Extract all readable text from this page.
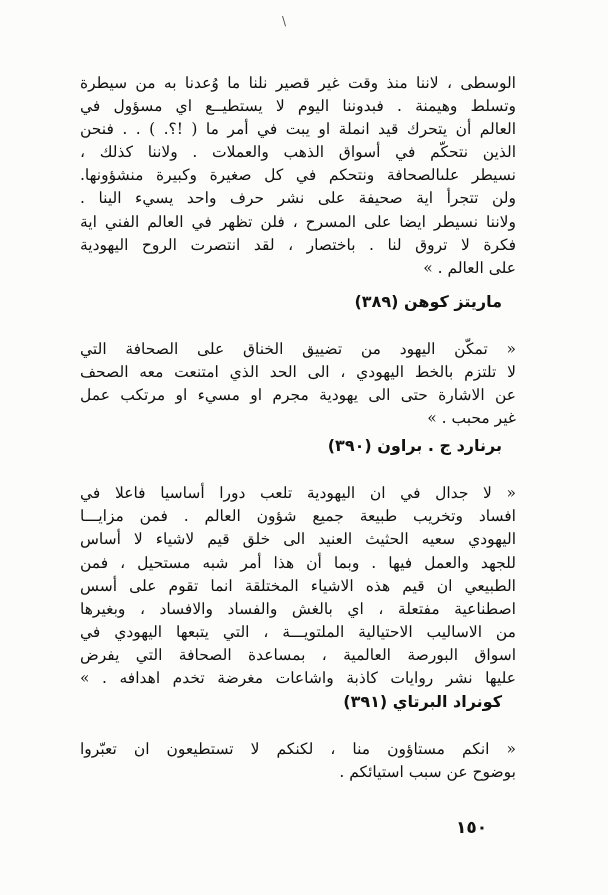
\
الوسطى ، لاننا منذ وقت غير قصير نلنا ما وُعدنا به من سيطرة
وتسلط وهيمنة . فبدوننا اليوم لا يستطيــع اي مسؤول في
العالم أن يتحرك قيد انملة او يبت في أمر ما ( !؟. ) . . فنحن
الذين نتحكّم في أسواق الذهب والعملات . ولاننا كذلك ،
نسيطر علىالصحافة ونتحكم في كل صغيرة وكبيرة منشؤونها.
ولن تتجرأ اية صحيفة على نشر حرف واحد يسيء الينا .
ولاننا نسيطر ايضا على المسرح ، فلن تظهر في العالم الفني اية
فكرة لا تروق لنا . باختصار ، لقد انتصرت الروح اليهودية
على العالم . »
ماريتز كوهن (٣٨٩)
« تمكّن اليهود من تضييق الخناق على الصحافة التي
لا تلتزم بالخط اليهودي ، الى الحد الذي امتنعت معه الصحف
عن الاشارة حتى الى يهودية مجرم او مسيء او مرتكب عمل
غير محبب . »
برنارد ج . براون (٣٩٠)
« لا جدال في ان اليهودية تلعب دورا أساسيا فاعلا في
افساد وتخريب طبيعة جميع شؤون العالم . فمن مزايـــا
اليهودي سعيه الحثيث العنيد الى خلق قيم لاشياء لا أساس
للجهد والعمل فيها . وبما أن هذا أمر شبه مستحيل ، فمن
الطبيعي ان قيم هذه الاشياء المختلقة انما تقوم على أسس
اصطناعية مفتعلة ، اي بالغش والفساد والافساد ، وبغيرها
من الاساليب الاحتيالية الملتويـــة ، التي يتبعها اليهودي في
اسواق البورصة العالمية ، بمساعدة الصحافة التي يفرض
عليها نشر روايات كاذبة واشاعات مغرضة تخدم اهدافه . »
كونراد البرتاي (٣٩١)
« انكم مستاؤون منا ، لكنكم لا تستطيعون ان تعبّروا
بوضوح عن سبب استيائكم .
١٥٠
